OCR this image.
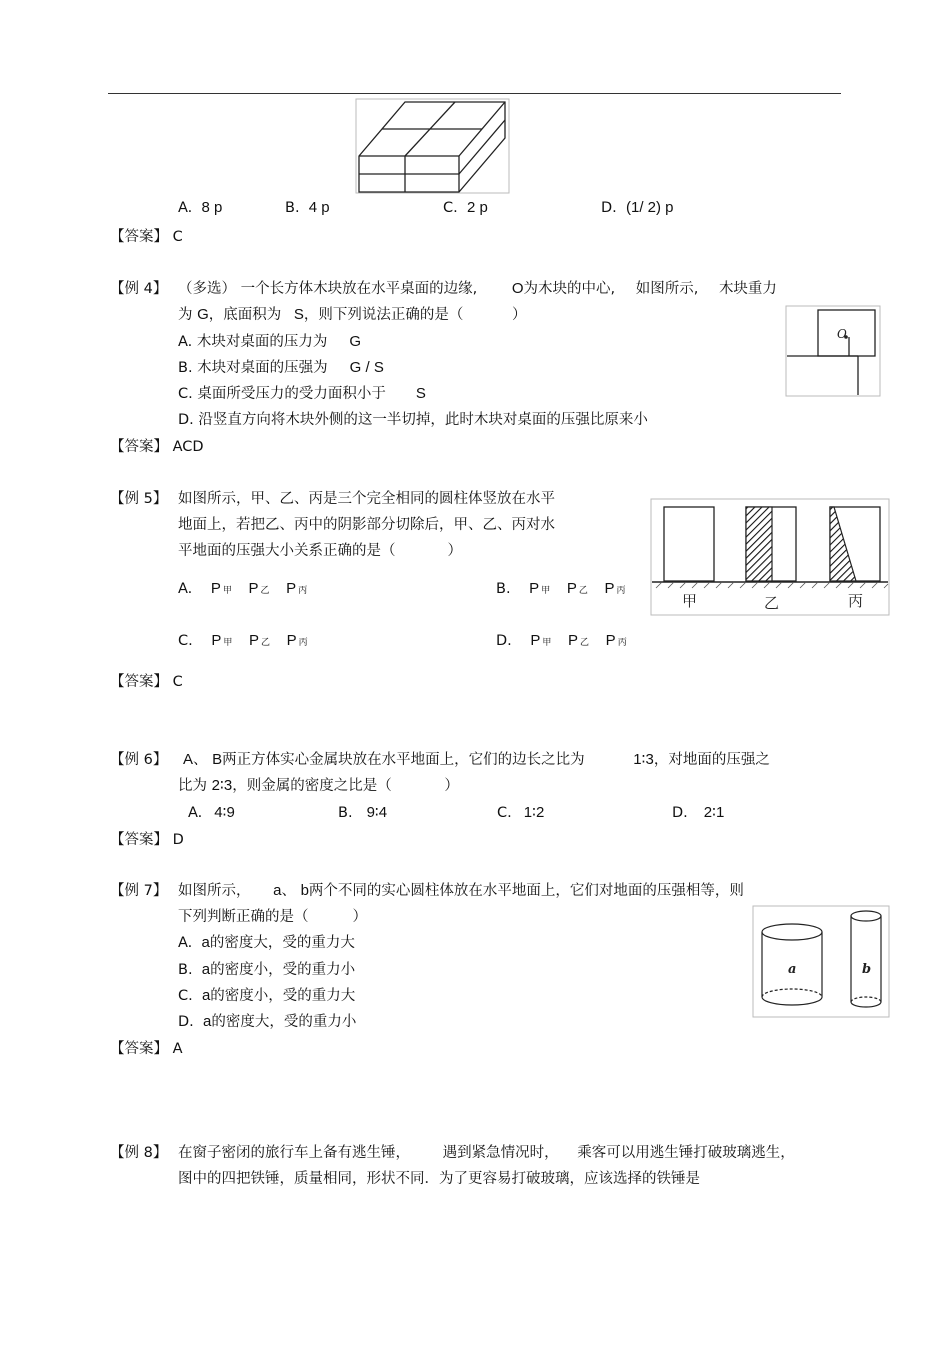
A. 8 p	B. 4 p	C. 2 p	D. (1/ 2) p
【答案】 C
【例 4】 （多选） 一个长方体木块放在水平桌面的边缘, O为木块的中心, 如图所示, 木块重力
为 G，底面积为 S，则下列说法正确的是（	）
A. 木块对桌面的压力为 G
B. 木块对桌面的压强为 G / S
C. 桌面所受压力的受力面积小于 S
D. 沿竖直方向将木块外侧的这一半切掉，此时木块对桌面的压强比原来小
【答案】 ACD
O
【例 5】 如图所示，甲、乙、丙是三个完全相同的圆柱体竖放在水平
地面上，若把乙、丙中的阴影部分切除后，甲、乙、丙对水
平地面的压强大小关系正确的是（	）
A. P 甲 P 乙 P 丙	B. P 甲 P 乙 P 丙
C. P 甲 P 乙 P 丙	D. P 甲 P 乙 P 丙
【答案】 C
甲	乙	丙
【例 6】 A、 B两正方体实心金属块放在水平地面上，它们的边长之比为	1∶3，对地面的压强之
比为 2∶3，则金属的密度之比是（	）
A. 4∶9	B. 9∶4	C. 1∶2	D. 2∶1
【答案】 D
【例 7】 如图所示， a、 b两个不同的实心圆柱体放在水平地面上，它们对地面的压强相等，则
下列判断正确的是（	）
A. a的密度大，受的重力大
B. a的密度小，受的重力小
C. a的密度小，受的重力大
D. a的密度大，受的重力小
【答案】 A
a	b
【例 8】 在窗子密闭的旅行车上备有逃生锤， 遇到紧急情况时， 乘客可以用逃生锤打破玻璃逃生，
图中的四把铁锤，质量相同，形状不同．为了更容易打破玻璃，应该选择的铁锤是
